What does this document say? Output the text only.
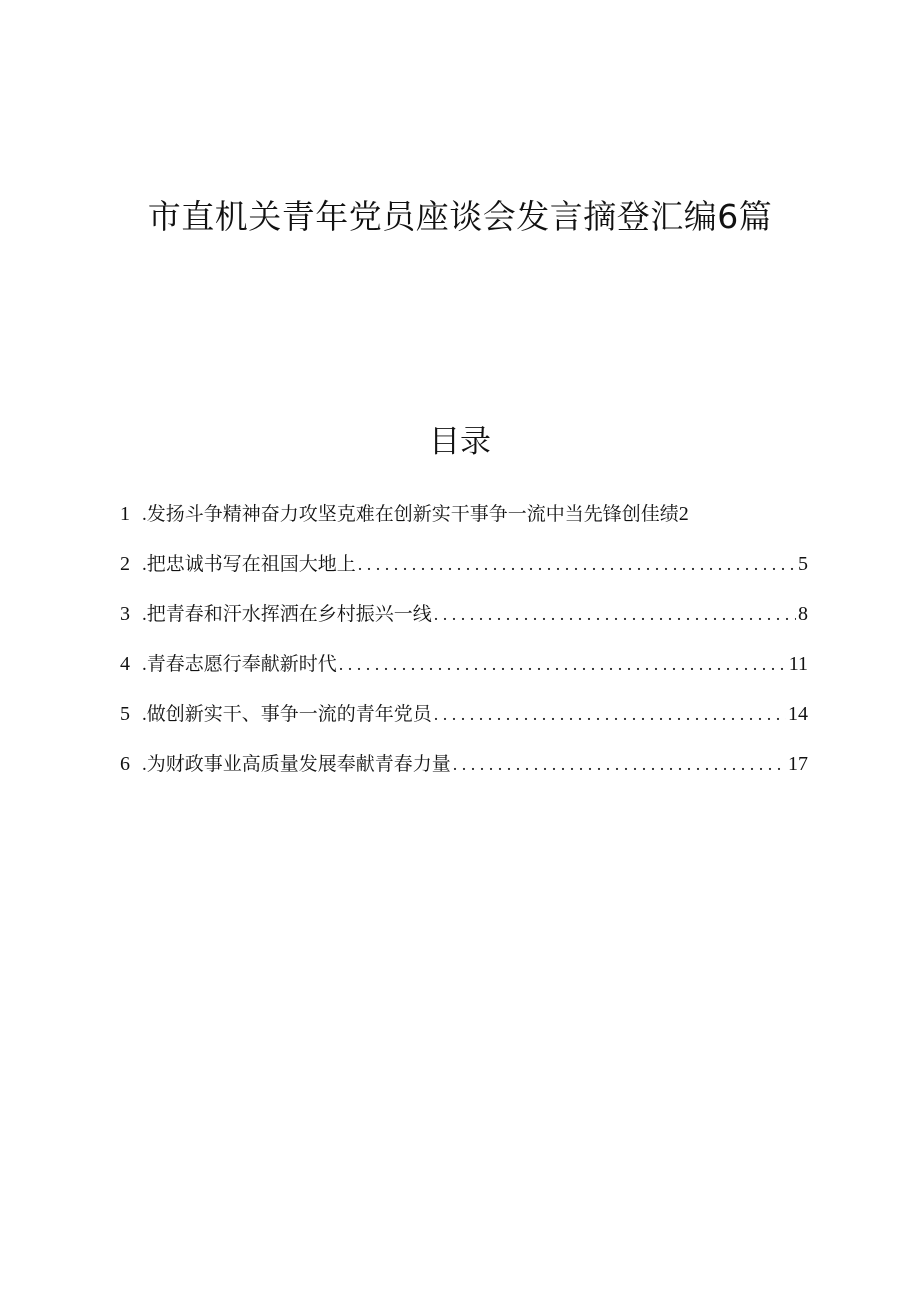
市直机关青年党员座谈会发言摘登汇编6篇
目录
1 . 发扬斗争精神奋力攻坚克难在创新实干事争一流中当先锋创佳绩 2
2 . 把忠诚书写在祖国大地上 . . .	5
3 . 把青春和汗水挥洒在乡村振兴一线 . . .	8
4 . 青春志愿行奉献新时代 . . .	11
5 . 做创新实干、事争一流的青年党员 . . .	14
6 . 为财政事业高质量发展奉献青春力量 . . .	17
